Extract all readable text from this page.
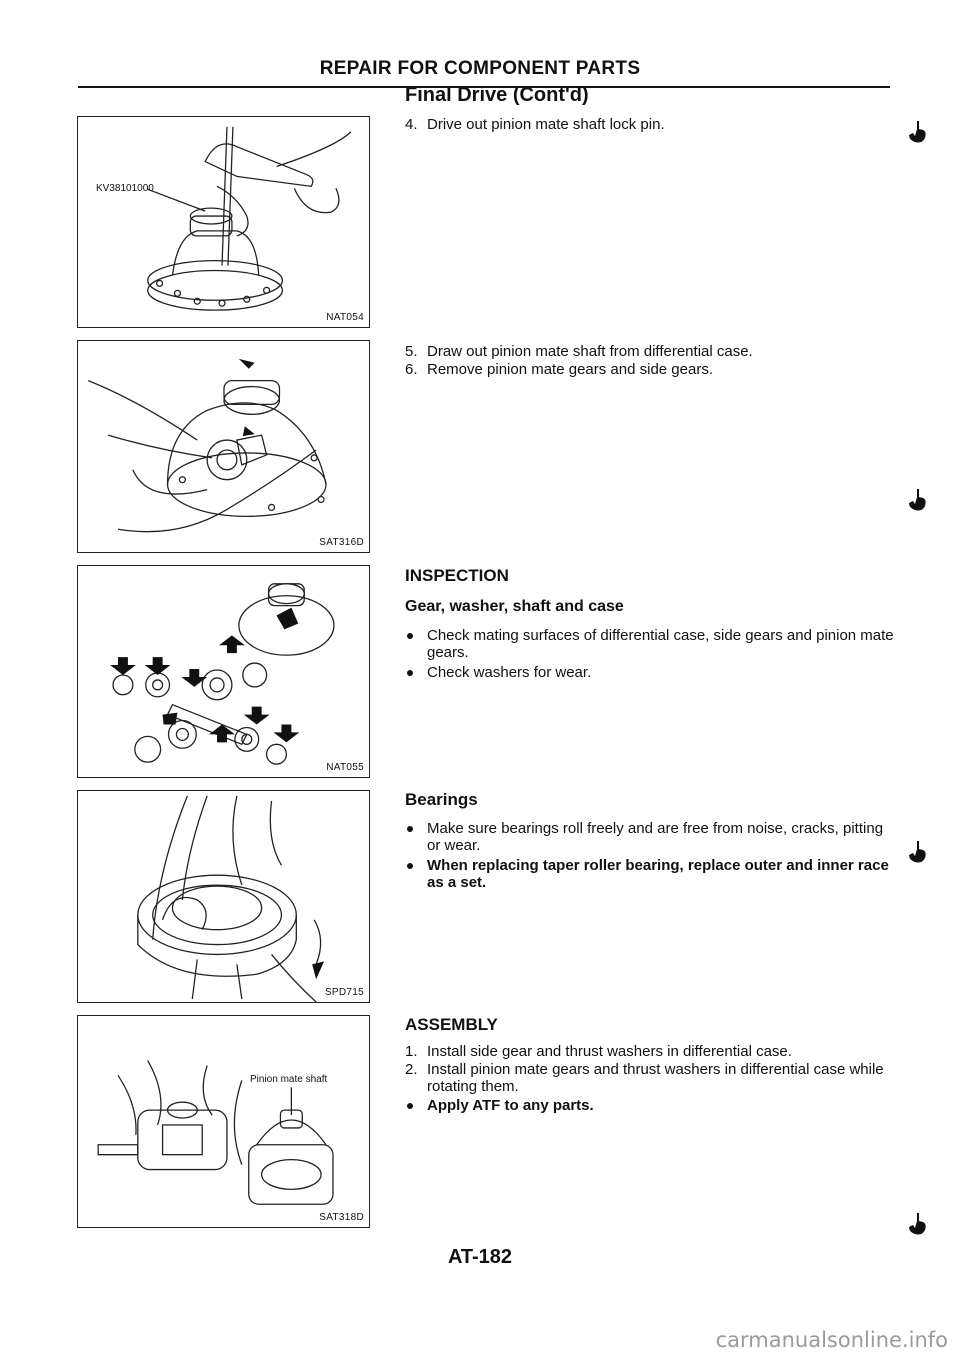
REPAIR FOR COMPONENT PARTS
Final Drive (Cont'd)
KV38101000
NAT054
SAT316D
NAT055
SPD715
Pinion mate shaft
SAT318D
4. Drive out pinion mate shaft lock pin.
5. Draw out pinion mate shaft from differential case.
6. Remove pinion mate gears and side gears.
INSPECTION
Gear, washer, shaft and case
Check mating surfaces of differential case, side gears and pinion mate gears.
Check washers for wear.
Bearings
Make sure bearings roll freely and are free from noise, cracks, pitting or wear.
When replacing taper roller bearing, replace outer and inner race as a set.
ASSEMBLY
1. Install side gear and thrust washers in differential case.
2. Install pinion mate gears and thrust washers in differential case while rotating them.
Apply ATF to any parts.
AT-182
carmanualsonline.info
